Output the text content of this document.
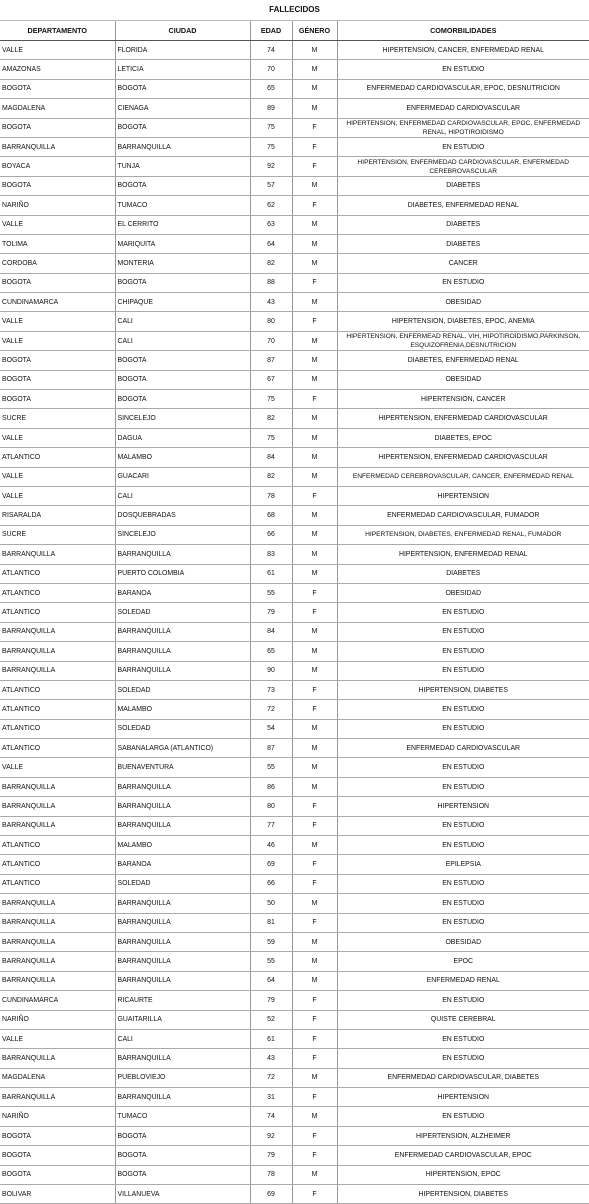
FALLECIDOS
DEPARTAMENTO	CIUDAD	EDAD	GÉNERO	COMORBILIDADES
VALLE	FLORIDA	74	M	HIPERTENSION, CANCER, ENFERMEDAD RENAL
AMAZONAS	LETICIA	70	M	EN ESTUDIO
BOGOTA	BOGOTA	65	M	ENFERMEDAD CARDIOVASCULAR, EPOC, DESNUTRICION
MAGDALENA	CIENAGA	89	M	ENFERMEDAD CARDIOVASCULAR
BOGOTA	BOGOTA	75	F	HIPERTENSION, ENFERMEDAD CARDIOVASCULAR, EPOC, ENFERMEDAD RENAL, HIPOTIROIDISMO
BARRANQUILLA	BARRANQUILLA	75	F	EN ESTUDIO
BOYACA	TUNJA	92	F	HIPERTENSION, ENFERMEDAD CARDIOVASCULAR, ENFERMEDAD CEREBROVASCULAR
BOGOTA	BOGOTA	57	M	DIABETES
NARIÑO	TUMACO	62	F	DIABETES, ENFERMEDAD RENAL
VALLE	EL CERRITO	63	M	DIABETES
TOLIMA	MARIQUITA	64	M	DIABETES
CORDOBA	MONTERIA	82	M	CANCER
BOGOTA	BOGOTA	88	F	EN ESTUDIO
CUNDINAMARCA	CHIPAQUE	43	M	OBESIDAD
VALLE	CALI	80	F	HIPERTENSION, DIABETES, EPOC, ANEMIA
VALLE	CALI	70	M	HIPERTENSION, ENFERMEAD RENAL, VIH, HIPOTIROIDISMO,PARKINSON, ESQUIZOFRENIA,DESNUTRICION
BOGOTA	BOGOTA	87	M	DIABETES, ENFERMEDAD RENAL
BOGOTA	BOGOTA	67	M	OBESIDAD
BOGOTA	BOGOTA	75	F	HIPERTENSION, CANCER
SUCRE	SINCELEJO	82	M	HIPERTENSION, ENFERMEDAD CARDIOVASCULAR
VALLE	DAGUA	75	M	DIABETES, EPOC
ATLANTICO	MALAMBO	84	M	HIPERTENSION, ENFERMEDAD CARDIOVASCULAR
VALLE	GUACARI	82	M	ENFERMEDAD CEREBROVASCULAR, CANCER, ENFERMEDAD RENAL
VALLE	CALI	78	F	HIPERTENSION
RISARALDA	DOSQUEBRADAS	68	M	ENFERMEDAD CARDIOVASCULAR, FUMADOR
SUCRE	SINCELEJO	66	M	HIPERTENSION, DIABETES, ENFERMEDAD RENAL, FUMADOR
BARRANQUILLA	BARRANQUILLA	83	M	HIPERTENSION, ENFERMEDAD RENAL
ATLANTICO	PUERTO COLOMBIA	61	M	DIABETES
ATLANTICO	BARANOA	55	F	OBESIDAD
ATLANTICO	SOLEDAD	79	F	EN ESTUDIO
BARRANQUILLA	BARRANQUILLA	84	M	EN ESTUDIO
BARRANQUILLA	BARRANQUILLA	65	M	EN ESTUDIO
BARRANQUILLA	BARRANQUILLA	90	M	EN ESTUDIO
ATLANTICO	SOLEDAD	73	F	HIPERTENSION, DIABETES
ATLANTICO	MALAMBO	72	F	EN ESTUDIO
ATLANTICO	SOLEDAD	54	M	EN ESTUDIO
ATLANTICO	SABANALARGA (ATLANTICO)	87	M	ENFERMEDAD CARDIOVASCULAR
VALLE	BUENAVENTURA	55	M	EN ESTUDIO
BARRANQUILLA	BARRANQUILLA	86	M	EN ESTUDIO
BARRANQUILLA	BARRANQUILLA	80	F	HIPERTENSION
BARRANQUILLA	BARRANQUILLA	77	F	EN ESTUDIO
ATLANTICO	MALAMBO	46	M	EN ESTUDIO
ATLANTICO	BARANOA	69	F	EPILEPSIA
ATLANTICO	SOLEDAD	66	F	EN ESTUDIO
BARRANQUILLA	BARRANQUILLA	50	M	EN ESTUDIO
BARRANQUILLA	BARRANQUILLA	81	F	EN ESTUDIO
BARRANQUILLA	BARRANQUILLA	59	M	OBESIDAD
BARRANQUILLA	BARRANQUILLA	55	M	EPOC
BARRANQUILLA	BARRANQUILLA	64	M	ENFERMEDAD RENAL
CUNDINAMARCA	RICAURTE	79	F	EN ESTUDIO
NARIÑO	GUAITARILLA	52	F	QUISTE CEREBRAL
VALLE	CALI	61	F	EN ESTUDIO
BARRANQUILLA	BARRANQUILLA	43	F	EN ESTUDIO
MAGDALENA	PUEBLOVIEJO	72	M	ENFERMEDAD CARDIOVASCULAR, DIABETES
BARRANQUILLA	BARRANQUILLA	31	F	HIPERTENSION
NARIÑO	TUMACO	74	M	EN ESTUDIO
BOGOTA	BOGOTA	92	F	HIPERTENSION, ALZHEIMER
BOGOTA	BOGOTA	79	F	ENFERMEDAD CARDIOVASCULAR, EPOC
BOGOTA	BOGOTA	78	M	HIPERTENSION, EPOC
BOLIVAR	VILLANUEVA	69	F	HIPERTENSION, DIABETES
